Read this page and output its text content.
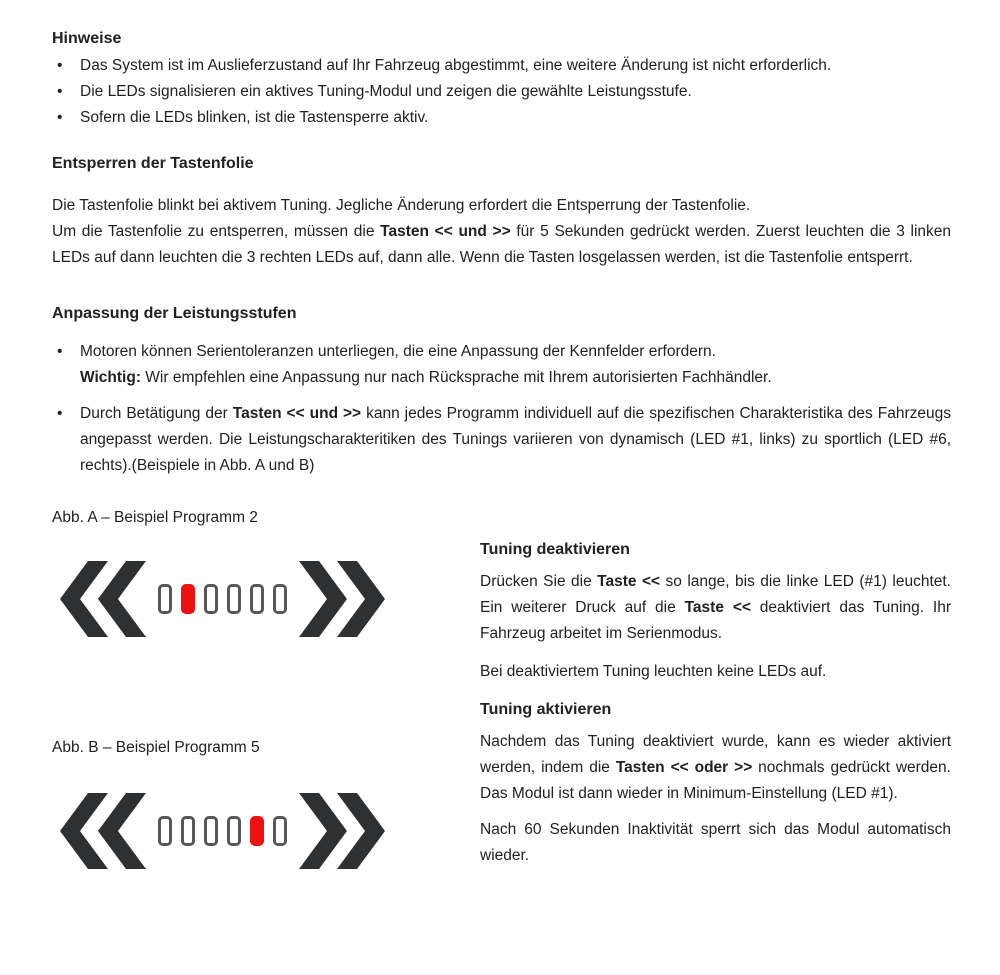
Hinweise
• Das System ist im Auslieferzustand auf Ihr Fahrzeug abgestimmt, eine weitere Änderung ist nicht erforderlich.
• Die LEDs signalisieren ein aktives Tuning-Modul und zeigen die gewählte Leistungsstufe.
• Sofern die LEDs blinken, ist die Tastensperre aktiv.
Entsperren der Tastenfolie

Die Tastenfolie blinkt bei aktivem Tuning. Jegliche Änderung erfordert die Entsperrung der Tastenfolie.

Um die Tastenfolie zu entsperren, müssen die Tasten << und >> für 5 Sekunden gedrückt werden. Zuerst leuchten die 3 linken LEDs auf dann leuchten die 3 rechten LEDs auf, dann alle. Wenn die Tasten losgelassen werden, ist die Tastenfolie entsperrt.

Anpassung der Leistungsstufen
• Motoren können Serientoleranzen unterliegen, die eine Anpassung der Kennfelder erfordern.
Wichtig: Wir empfehlen eine Anpassung nur nach Rücksprache mit Ihrem autorisierten Fachhändler.
• Durch Betätigung der Tasten << und >> kann jedes Programm individuell auf die spezifischen Charakteristika des Fahrzeugs angepasst werden. Die Leistungscharakteritiken des Tunings variieren von dynamisch (LED #1, links) zu sportlich (LED #6, rechts).(Beispiele in Abb. A und B)
Abb. A – Beispiel Programm 2
Abb. B – Beispiel Programm 5
Tuning deaktivieren

Drücken Sie die Taste << so lange, bis die linke LED (#1) leuchtet. Ein weiterer Druck auf die Taste << deaktiviert das Tuning. Ihr Fahrzeug arbeitet im Serienmodus.

Bei deaktiviertem Tuning leuchten keine LEDs auf.

Tuning aktivieren

Nachdem das Tuning deaktiviert wurde, kann es wieder aktiviert werden, indem die Tasten << oder >> nochmals gedrückt werden. Das Modul ist dann wieder in Minimum-Einstellung (LED #1).

Nach 60 Sekunden Inaktivität sperrt sich das Modul automatisch wieder.
